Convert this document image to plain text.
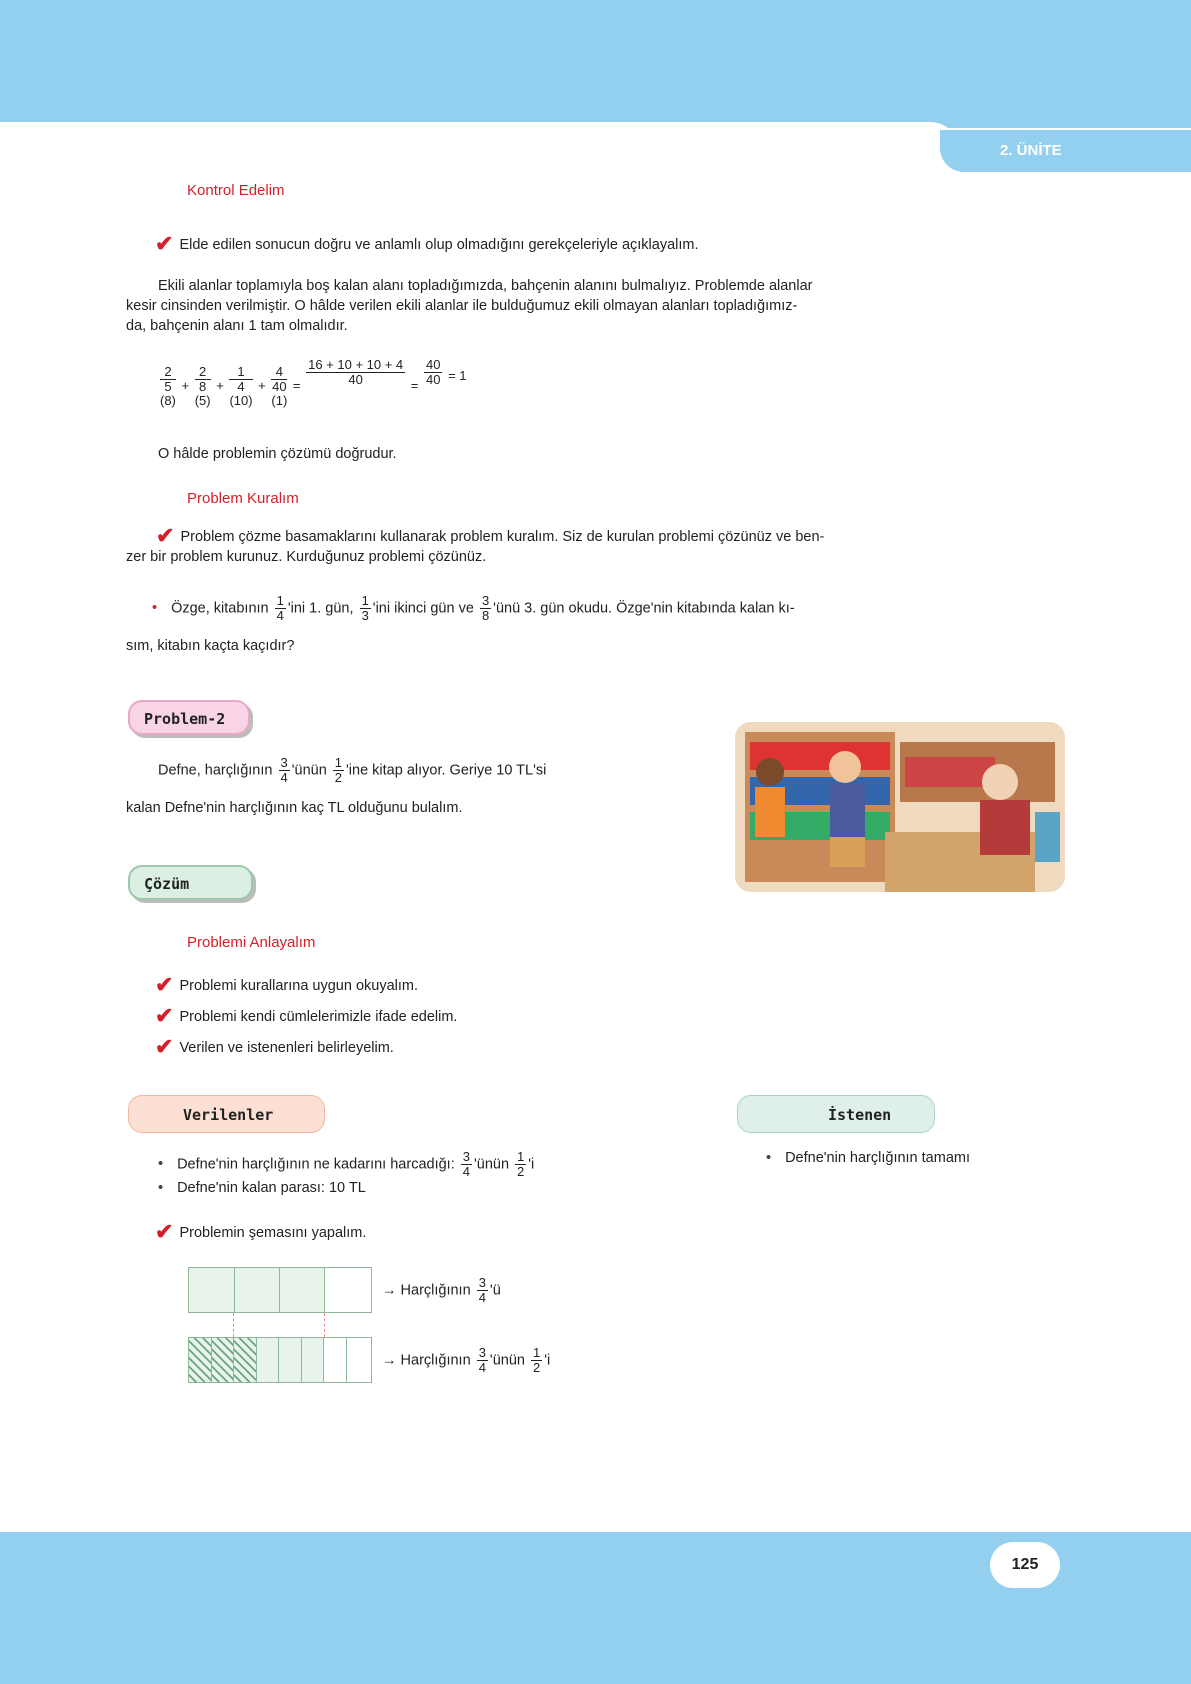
2. ÜNİTE
Kontrol Edelim
✔ Elde edilen sonucun doğru ve anlamlı olup olmadığını gerekçeleriyle açıklayalım.
Ekili alanlar toplamıyla boş kalan alanı topladığımızda, bahçenin alanını bulmalıyız. Problemde alanlar
kesir cinsinden verilmiştir. O hâlde verilen ekili alanlar ile bulduğumuz ekili olmayan alanları topladığımız-
da, bahçenin alanı 1 tam olmalıdır.
2
5
(8)
+
2
8
(5)
+
1
4
(10)
+
4
40
(1)
= $\frac{16 + 10 + 10 + 4}{40} = \frac{40}{40} = 1$
O hâlde problemin çözümü doğrudur.
Problem Kuralım
✔ Problem çözme basamaklarını kullanarak problem kuralım. Siz de kurulan problemi çözünüz ve ben-
zer bir problem kurunuz. Kurduğunuz problemi çözünüz.
• Özge, kitabının $\frac{1}{4}$ 'ini 1. gün, $\frac{1}{3}$ 'ini ikinci gün ve $\frac{3}{8}$ 'ünü 3. gün okudu. Özge'nin kitabında kalan kı-
sım, kitabın kaçta kaçıdır?
Problem-2
Defne, harçlığının $\frac{3}{4}$ 'ünün $\frac{1}{2}$ 'ine kitap alıyor. Geriye 10 TL'si
kalan Defne'nin harçlığının kaç TL olduğunu bulalım.
Çözüm
Problemi Anlayalım
✔ Problemi kurallarına uygun okuyalım.
✔ Problemi kendi cümlelerimizle ifade edelim.
✔ Verilen ve istenenleri belirleyelim.
Verilenler	İstenen
• Defne'nin harçlığının ne kadarını harcadığı: $\frac{3}{4}$ 'ünün $\frac{1}{2}$ 'i
• Defne'nin kalan parası: 10 TL
• Defne'nin harçlığının tamamı
✔ Problemin şemasını yapalım.
→ Harçlığının $\frac{3}{4}$ 'ü
→ Harçlığının $\frac{3}{4}$ 'ünün $\frac{1}{2}$ 'i
125
